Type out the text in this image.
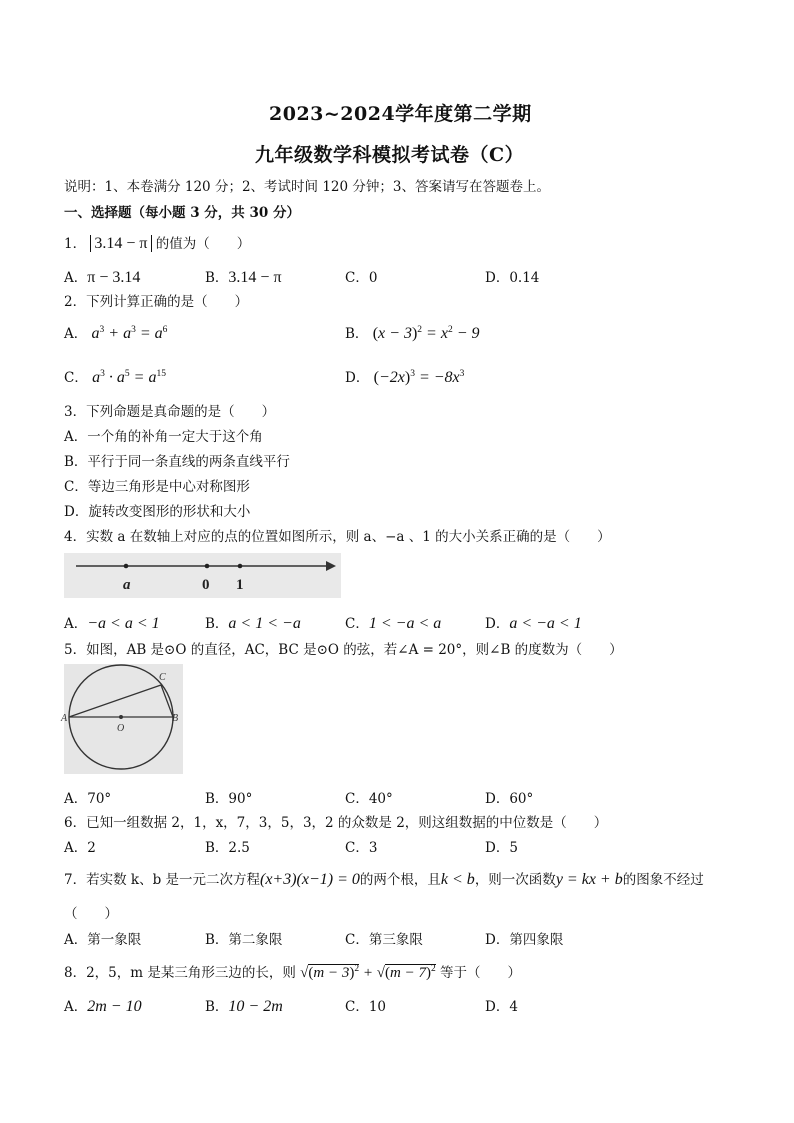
2023~2024学年度第二学期
九年级数学科模拟考试卷（C）
说明：1、本卷满分 120 分；2、考试时间 120 分钟；3、答案请写在答题卷上。
一、选择题（每小题 3 分，共 30 分）
1． 3.14 − π 的值为（　　）
A．π − 3.14	B．3.14 − π	C．0	D．0.14
2．下列计算正确的是（　　）
A． $a^3 + a^3 = a^6$	B． $(x - 3)^2 = x^2 - 9$
C． $a^3 \cdot a^5 = a^{15}$	D． $(-2x)^3 = -8x^3$
3．下列命题是真命题的是（　　）
A．一个角的补角一定大于这个角
B．平行于同一条直线的两条直线平行
C．等边三角形是中心对称图形
D．旋转改变图形的形状和大小
4．实数 a 在数轴上对应的点的位置如图所示，则 a、−a 、1 的大小关系正确的是（　　）
a	0 1
A．−a < a < 1	B．a < 1 < −a	C．1 < −a < a	D．a < −a < 1
5．如图，AB 是⊙O 的直径，AC，BC 是⊙O 的弦，若∠A = 20°，则∠B 的度数为（　　）
A	B
C
O
A．70°	B．90°	C．40°	D．60°
6．已知一组数据 2，1，x，7，3，5，3，2 的众数是 2，则这组数据的中位数是（　　）
A．2	B．2.5	C．3	D．5
7．若实数 k、b 是一元二次方程(x+3)(x−1) = 0的两个根，且k < b，则一次函数y = kx + b的图象不经过
（　　）
A．第一象限	B．第二象限	C．第三象限	D．第四象限
8．2，5，m 是某三角形三边的长，则 $√(m - 3)^2 + √(m - 7)^2$ 等于（　　）
A．2m − 10	B．10 − 2m	C．10	D．4
